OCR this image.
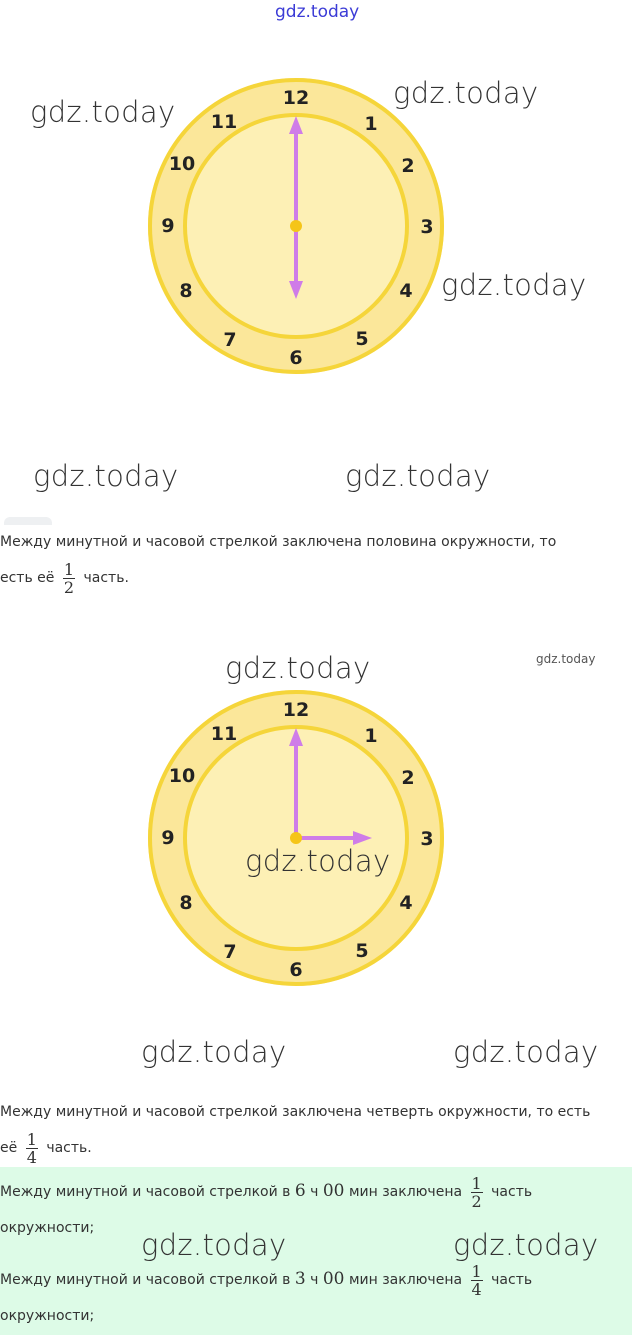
gdz.today
12
1
2
3
4
5
6
7
8
9
10
11
gdz.today
gdz.today
gdz.today
gdz.today	gdz.today
Между минутной и часовой стрелкой заключена половина окружности, то
есть её $\frac{1}{2}$ часть.
gdz.today	gdz.today
12
1
2
3
4
5
6
7
8
9
10
11
gdz.today
gdz.today	gdz.today
Между минутной и часовой стрелкой заключена четверть окружности, то есть
её $\frac{1}{4}$ часть.
Между минутной и часовой стрелкой в 6 ч 00 мин заключена $\frac{1}{2}$ часть
окружности;
Между минутной и часовой стрелкой в 3 ч 00 мин заключена $\frac{1}{4}$ часть
окружности;
gdz.today	gdz.today
